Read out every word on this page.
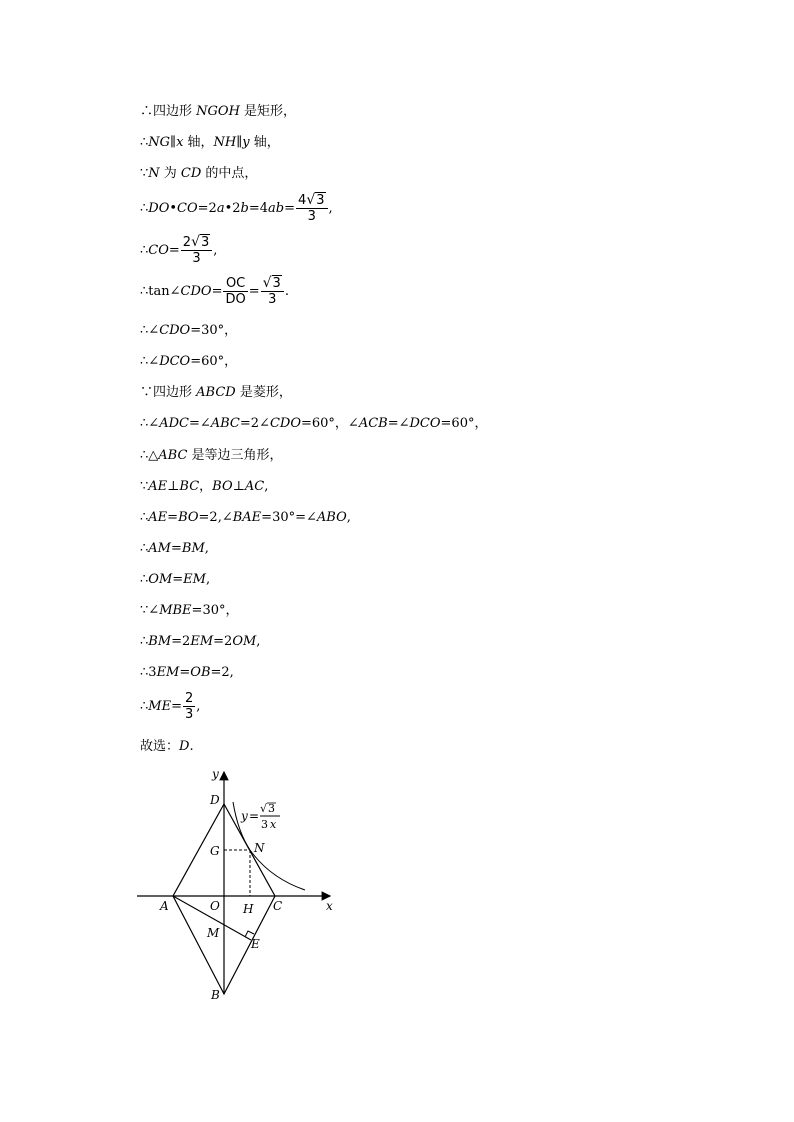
∴四边形 NGOH 是矩形，
∴NG∥x 轴，NH∥y 轴，
∵N 为 CD 的中点，
∴DO•CO=2a•2b=4ab= $\frac{4√3}{3}$ ,
∴CO= $\frac{2√3}{3}$ ,
∴tan∠CDO= $\frac{OC}{DO} = \frac{√3}{3}$ .
∴∠CDO=30°，
∴∠DCO=60°，
∵四边形 ABCD 是菱形，
∴∠ADC=∠ABC=2∠CDO=60°，∠ACB=∠DCO=60°，
∴△ABC 是等边三角形，
∵AE⊥BC，BO⊥AC,
∴AE=BO=2,∠BAE=30°=∠ABO,
∴AM=BM,
∴OM=EM,
∵∠MBE=30°，
∴BM=2EM=2OM,
∴3EM=OB=2,
∴ME= $\frac{2}{3}$ ,
故选：D.
y
x
D
G	N
A	O H C
M
E
B
y =
√ 3
3 x
